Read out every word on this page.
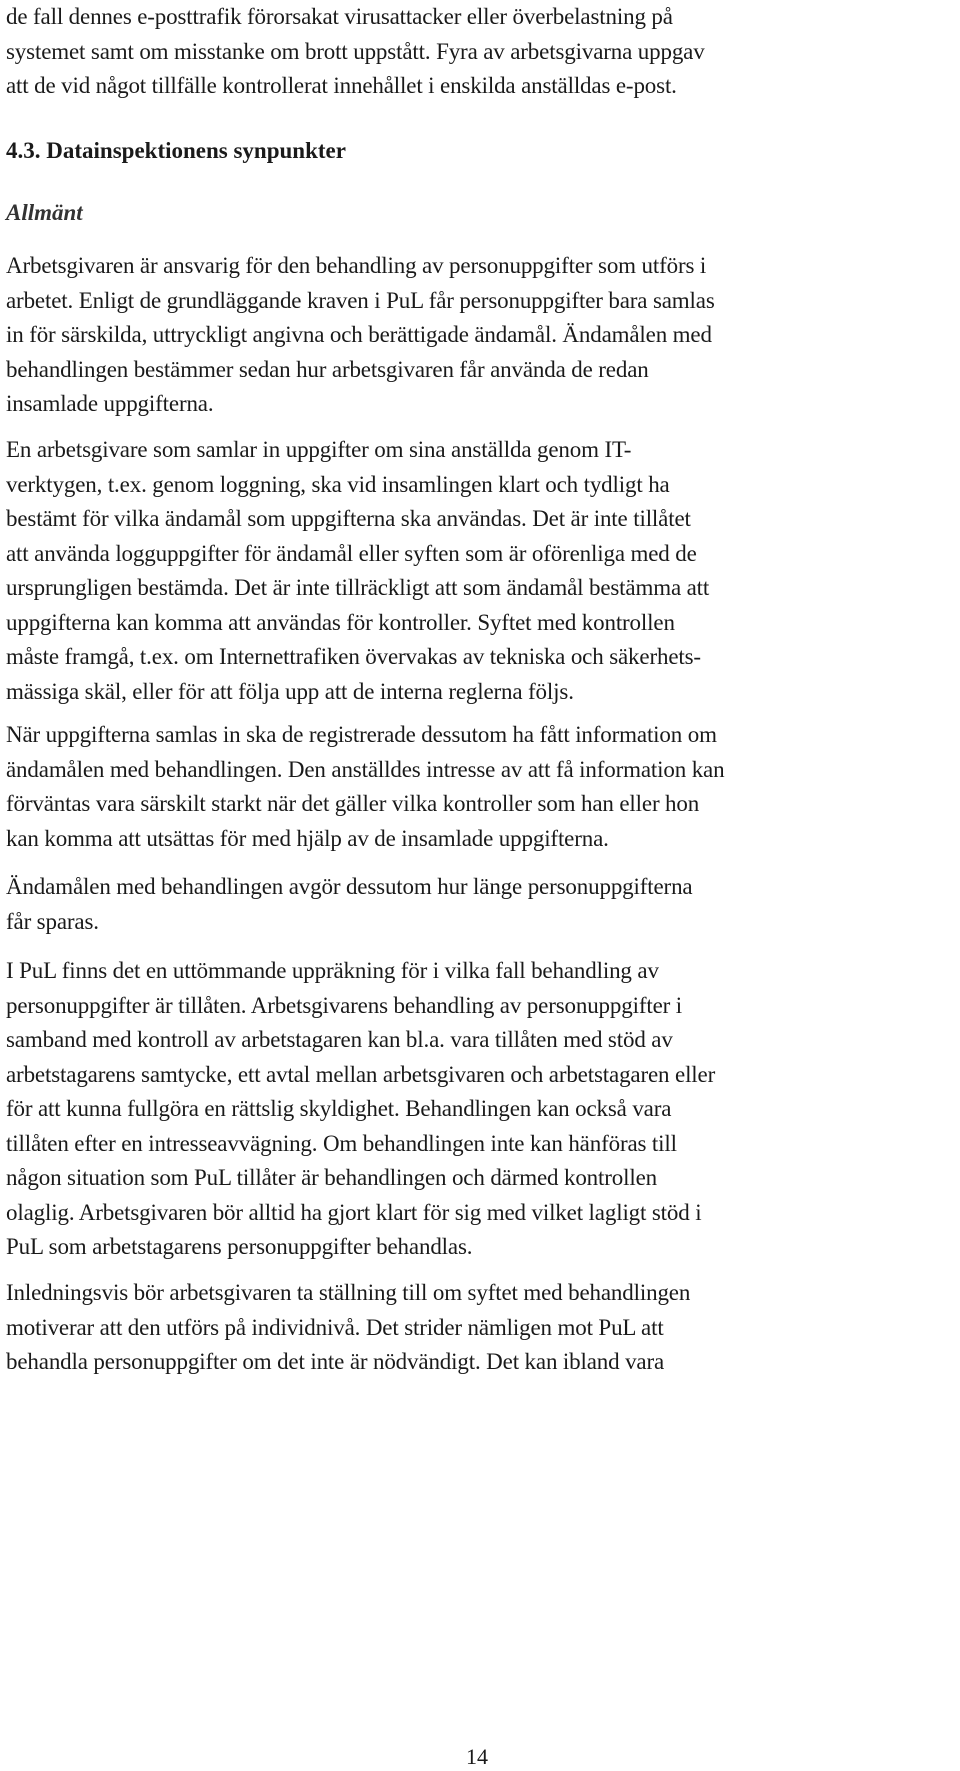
de fall dennes e-posttrafik förorsakat virusattacker eller överbelastning på
systemet samt om misstanke om brott uppstått. Fyra av arbetsgivarna uppgav
att de vid något tillfälle kontrollerat innehållet i enskilda anställdas e-post.

4.3. Datainspektionens synpunkter
Allmänt

Arbetsgivaren är ansvarig för den behandling av personuppgifter som utförs i
arbetet. Enligt de grundläggande kraven i PuL får personuppgifter bara samlas
in för särskilda, uttryckligt angivna och berättigade ändamål. Ändamålen med
behandlingen bestämmer sedan hur arbetsgivaren får använda de redan
insamlade uppgifterna.

En arbetsgivare som samlar in uppgifter om sina anställda genom IT-
verktygen, t.ex. genom loggning, ska vid insamlingen klart och tydligt ha
bestämt för vilka ändamål som uppgifterna ska användas. Det är inte tillåtet
att använda logguppgifter för ändamål eller syften som är oförenliga med de
ursprungligen bestämda. Det är inte tillräckligt att som ändamål bestämma att
uppgifterna kan komma att användas för kontroller. Syftet med kontrollen
måste framgå, t.ex. om Internettrafiken övervakas av tekniska och säkerhets-
mässiga skäl, eller för att följa upp att de interna reglerna följs.

När uppgifterna samlas in ska de registrerade dessutom ha fått information om
ändamålen med behandlingen. Den anställdes intresse av att få information kan
förväntas vara särskilt starkt när det gäller vilka kontroller som han eller hon
kan komma att utsättas för med hjälp av de insamlade uppgifterna.

Ändamålen med behandlingen avgör dessutom hur länge personuppgifterna
får sparas.

I PuL finns det en uttömmande uppräkning för i vilka fall behandling av
personuppgifter är tillåten. Arbetsgivarens behandling av personuppgifter i
samband med kontroll av arbetstagaren kan bl.a. vara tillåten med stöd av
arbetstagarens samtycke, ett avtal mellan arbetsgivaren och arbetstagaren eller
för att kunna fullgöra en rättslig skyldighet. Behandlingen kan också vara
tillåten efter en intresseavvägning. Om behandlingen inte kan hänföras till
någon situation som PuL tillåter är behandlingen och därmed kontrollen
olaglig. Arbetsgivaren bör alltid ha gjort klart för sig med vilket lagligt stöd i
PuL som arbetstagarens personuppgifter behandlas.

Inledningsvis bör arbetsgivaren ta ställning till om syftet med behandlingen
motiverar att den utförs på individnivå. Det strider nämligen mot PuL att
behandla personuppgifter om det inte är nödvändigt. Det kan ibland vara

14
